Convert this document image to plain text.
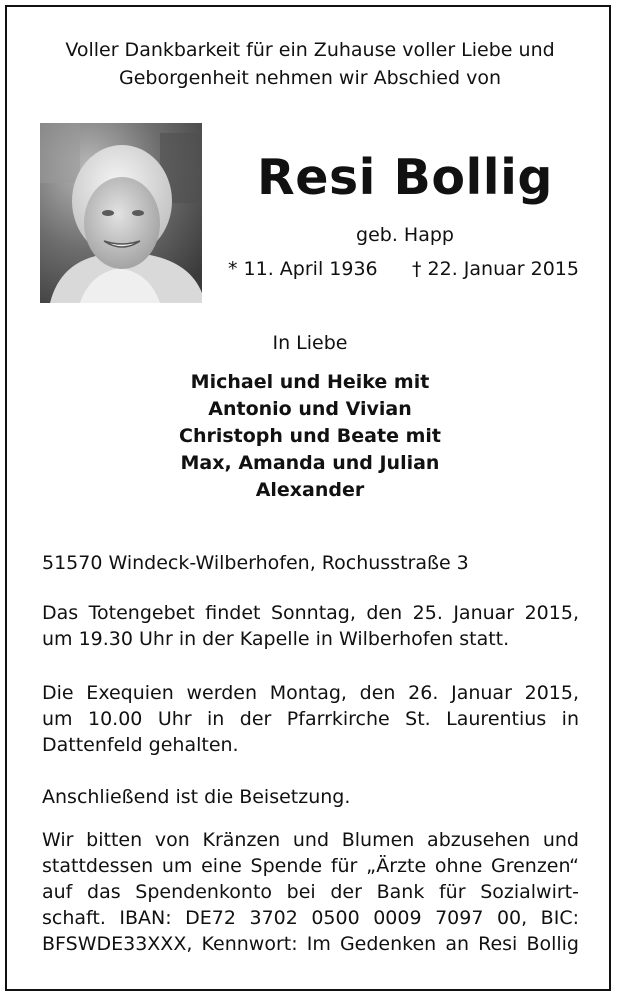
Voller Dankbarkeit für ein Zuhause voller Liebe und
Geborgenheit nehmen wir Abschied von
Resi Bollig
geb. Happ
* 11. April 1936 † 22. Januar 2015
In Liebe
Michael und Heike mit
Antonio und Vivian
Christoph und Beate mit
Max, Amanda und Julian
Alexander
51570 Windeck-Wilberhofen, Rochusstraße 3
Das Totengebet findet Sonntag, den 25. Januar 2015,
um 19.30 Uhr in der Kapelle in Wilberhofen statt.
Die Exequien werden Montag, den 26. Januar 2015,
um 10.00 Uhr in der Pfarrkirche St. Laurentius in
Dattenfeld gehalten.
Anschließend ist die Beisetzung.
Wir bitten von Kränzen und Blumen abzusehen und
stattdessen um eine Spende für „Ärzte ohne Grenzen“
auf das Spendenkonto bei der Bank für Sozialwirt-
schaft. IBAN: DE72 3702 0500 0009 7097 00, BIC:
BFSWDE33XXX, Kennwort: Im Gedenken an Resi Bollig
